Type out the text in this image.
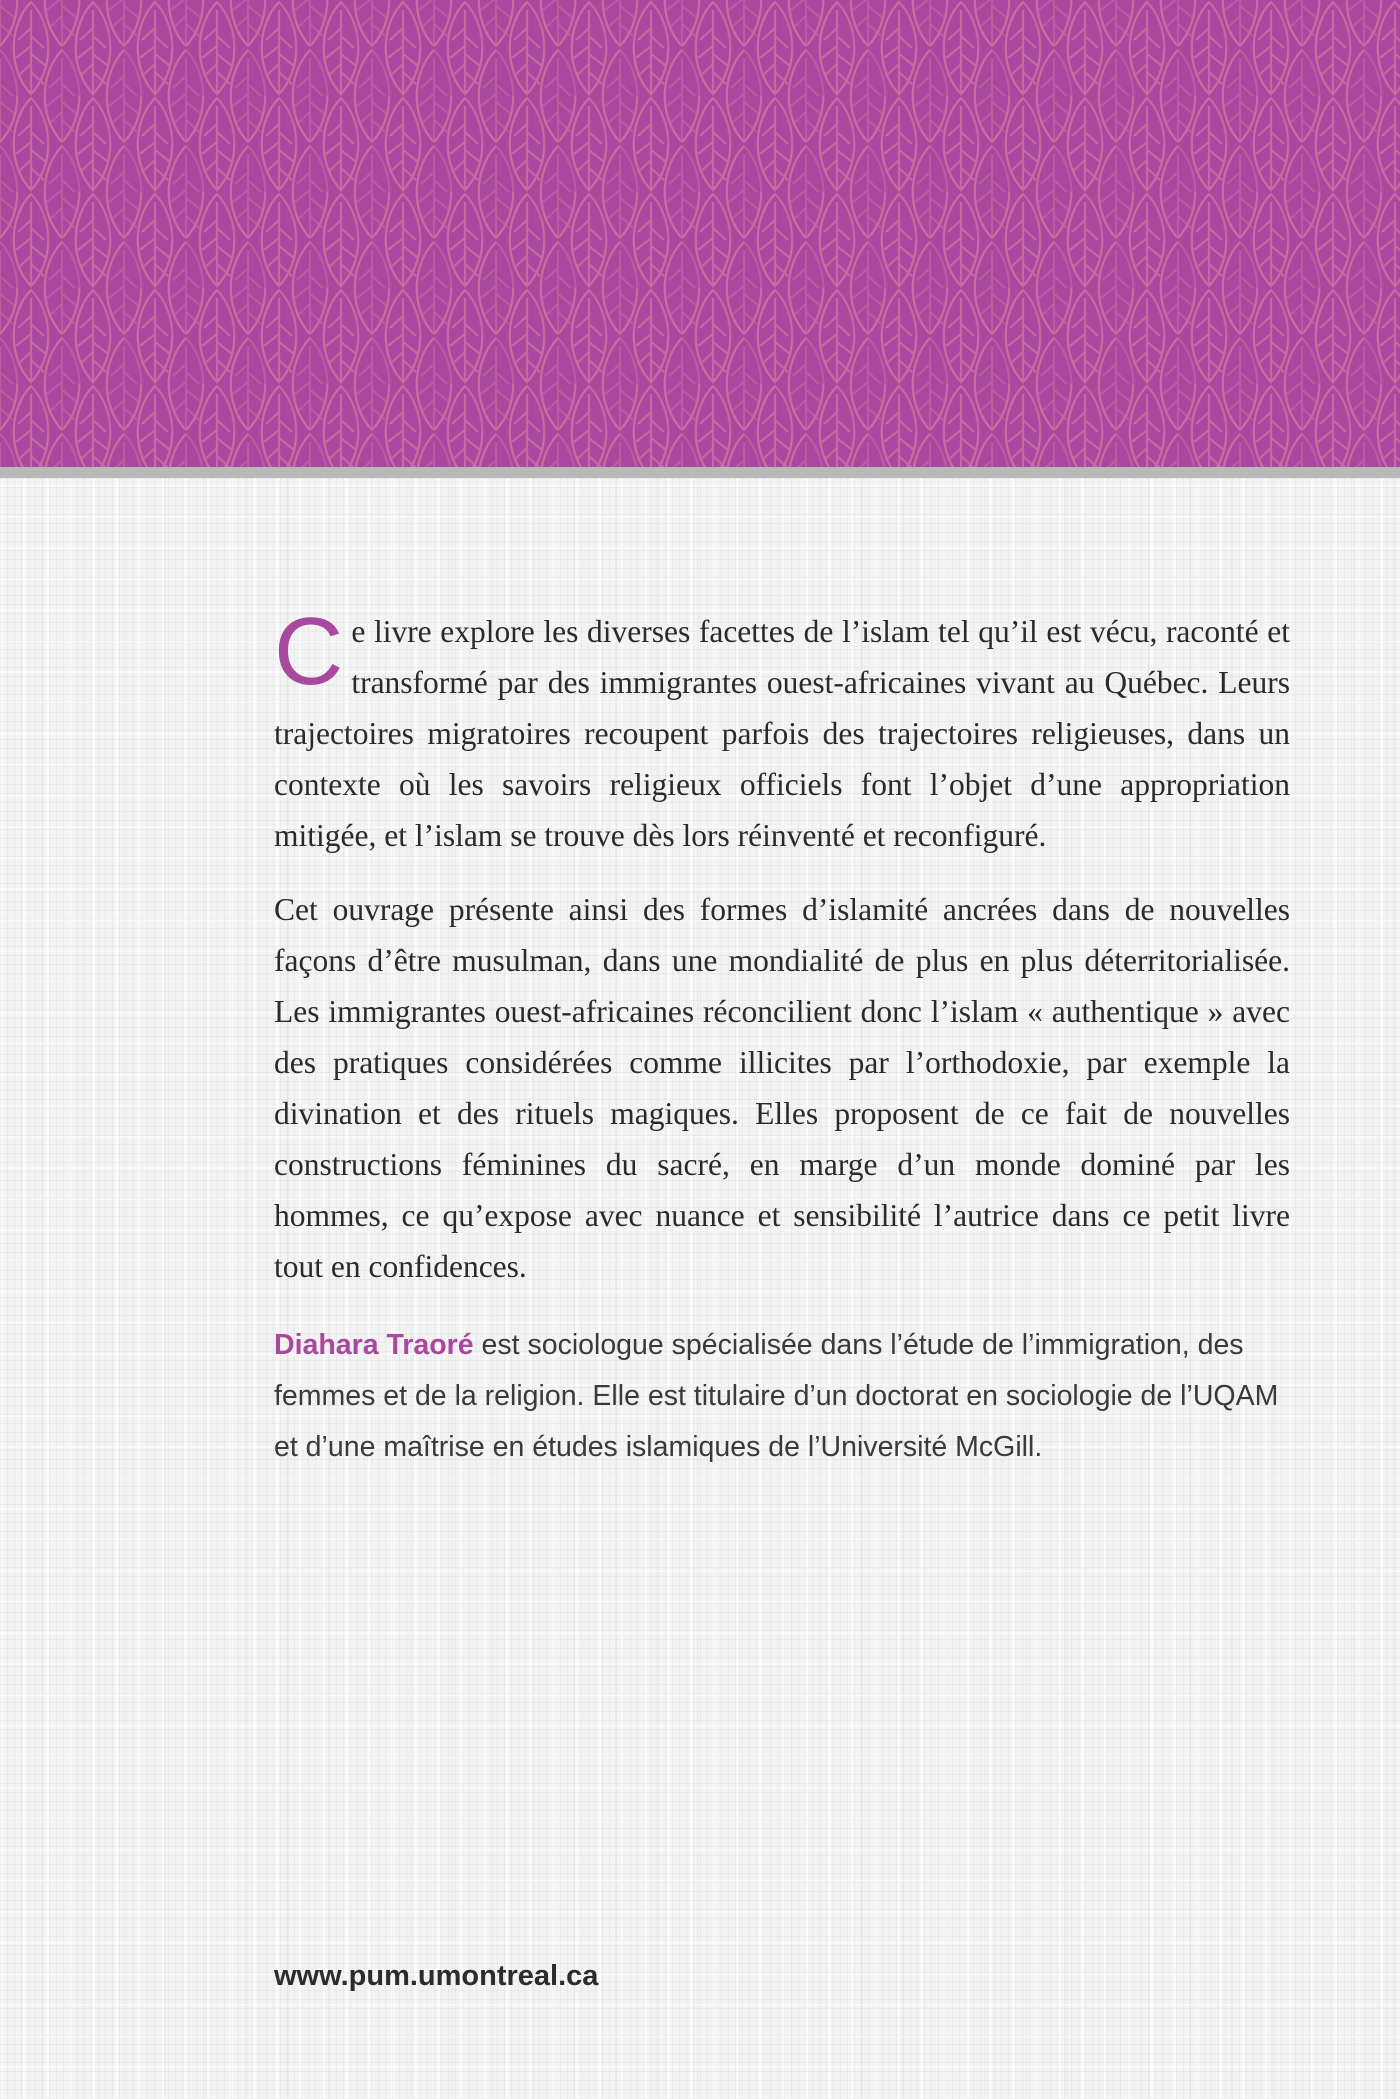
Ce livre explore les diverses facettes de l’islam tel qu’il est vécu, raconté et transformé par des immigrantes ouest-africaines vivant au Québec. Leurs trajectoires migratoires recoupent parfois des trajectoires religieuses, dans un contexte où les savoirs religieux officiels font l’objet d’une appropriation mitigée, et l’islam se trouve dès lors réinventé et reconfiguré.

Cet ouvrage présente ainsi des formes d’islamité ancrées dans de nouvelles façons d’être musulman, dans une mondialité de plus en plus déterritorialisée. Les immigrantes ouest-africaines réconcilient donc l’islam « authentique » avec des pratiques considérées comme illicites par l’orthodoxie, par exemple la divination et des rituels magiques. Elles proposent de ce fait de nouvelles constructions féminines du sacré, en marge d’un monde dominé par les hommes, ce qu’expose avec nuance et sensibilité l’autrice dans ce petit livre tout en confidences.

Diahara Traoré est sociologue spécialisée dans l’étude de l’immigration, des femmes et de la religion. Elle est titulaire d’un doctorat en sociologie de l’UQAM et d’une maîtrise en études islamiques de l’Université McGill.

www.pum.umontreal.ca
